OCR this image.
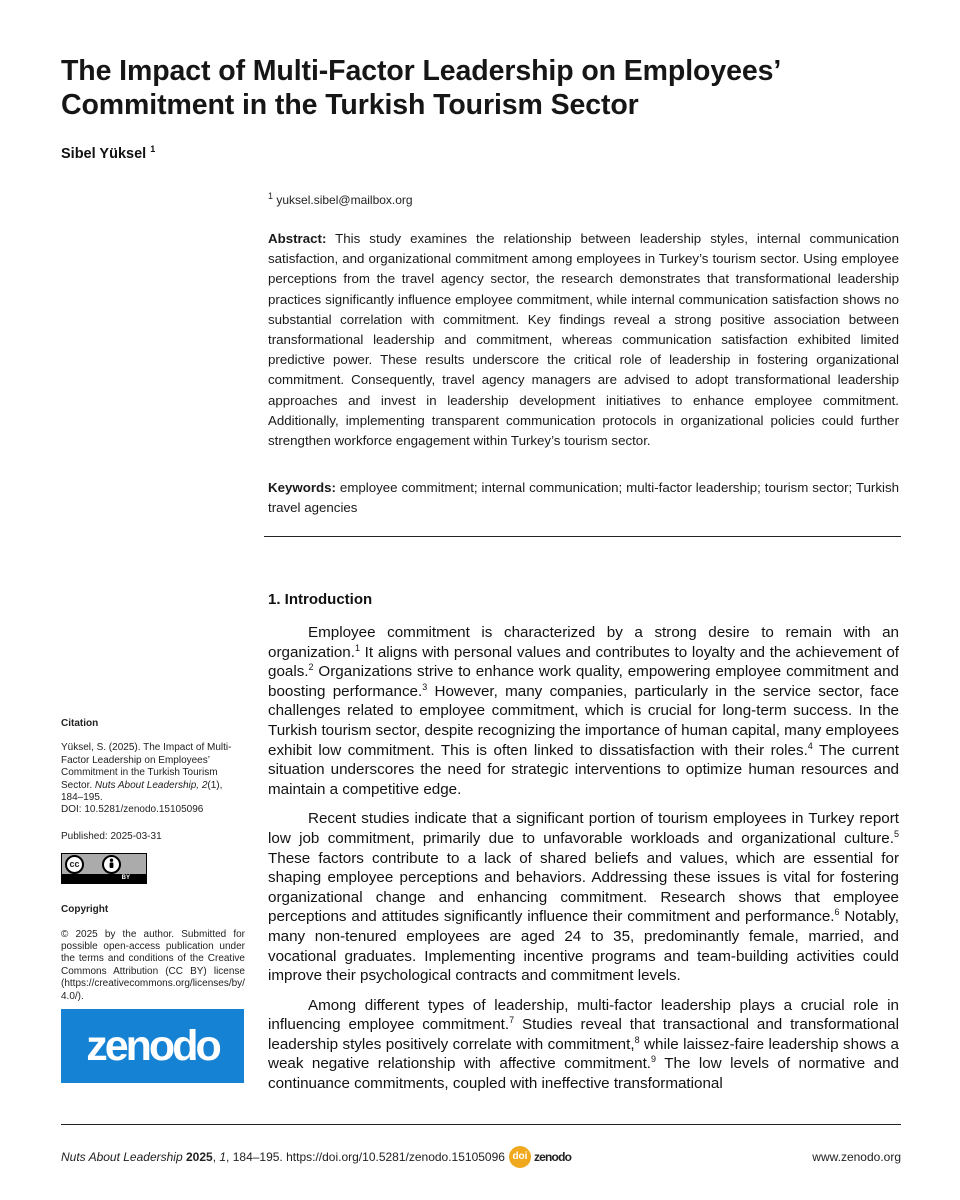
The Impact of Multi-Factor Leadership on Employees’ Commitment in the Turkish Tourism Sector
Sibel Yüksel $^1$
$^1$ yuksel.sibel@mailbox.org

Abstract: This study examines the relationship between leadership styles, internal communication satisfaction, and organizational commitment among employees in Turkey’s tourism sector. Using employee perceptions from the travel agency sector, the research demonstrates that transformational leadership practices significantly influence employee commitment, while internal communication satisfaction shows no substantial correlation with commitment. Key findings reveal a strong positive association between transformational leadership and commitment, whereas communication satisfaction exhibited limited predictive power. These results underscore the critical role of leadership in fostering organizational commitment. Consequently, travel agency managers are advised to adopt transformational leadership approaches and invest in leadership development initiatives to enhance employee commitment. Additionally, implementing transparent communication protocols in organizational policies could further strengthen workforce engagement within Turkey’s tourism sector.

Keywords: employee commitment; internal communication; multi-factor leadership; tourism sector; Turkish travel agencies

1. Introduction

Employee commitment is characterized by a strong desire to remain with an organization.$^1$ It aligns with personal values and contributes to loyalty and the achievement of goals.$^2$ Organizations strive to enhance work quality, empowering employee commitment and boosting performance.$^3$ However, many companies, particularly in the service sector, face challenges related to employee commitment, which is crucial for long-term success. In the Turkish tourism sector, despite recognizing the importance of human capital, many employees exhibit low commitment. This is often linked to dissatisfaction with their roles.$^4$ The current situation underscores the need for strategic interventions to optimize human resources and maintain a competitive edge.

Recent studies indicate that a significant portion of tourism employees in Turkey report low job commitment, primarily due to unfavorable workloads and organizational culture.$^5$ These factors contribute to a lack of shared beliefs and values, which are essential for shaping employee perceptions and behaviors. Addressing these issues is vital for fostering organizational change and enhancing commitment. Research shows that employee perceptions and attitudes significantly influence their commitment and performance.$^6$ Notably, many non-tenured employees are aged 24 to 35, predominantly female, married, and vocational graduates. Implementing incentive programs and team-building activities could improve their psychological contracts and commitment levels.

Among different types of leadership, multi-factor leadership plays a crucial role in influencing employee commitment.$^7$ Studies reveal that transactional and transformational leadership styles positively correlate with commitment,$^8$ while laissez-faire leadership shows a weak negative relationship with affective commitment.$^9$ The low levels of normative and continuance commitments, coupled with ineffective transformational

Citation
Yüksel, S. (2025). The Impact of Multi-Factor Leadership on Employees’ Commitment in the Turkish Tourism Sector. Nuts About Leadership, 2(1), 184–195.
DOI: 10.5281/zenodo.15105096
Published: 2025-03-31
cc
BY
Copyright
© 2025 by the author. Submitted for possible open-access publication under the terms and conditions of the Creative Commons Attribution (CC BY) license (https://creativecommons.org/licenses/by/4.0/).
zenodo
Nuts About Leadership
2025 , 1 , 184–195. https://doi.org/10.5281/zenodo.15105096 doi zenodo	www.zenodo.org
